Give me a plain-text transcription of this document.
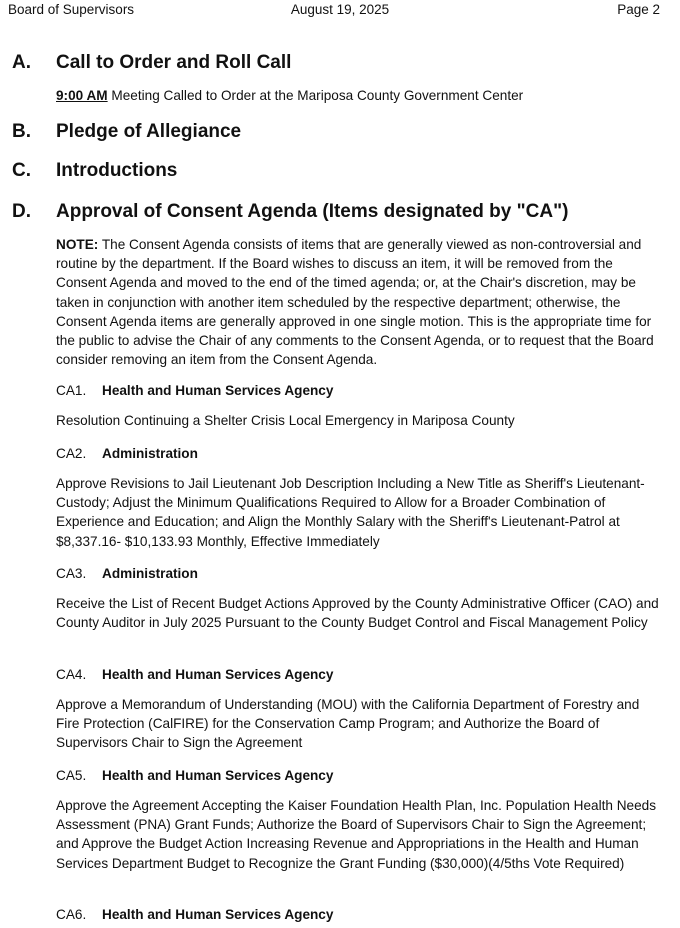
Board of Supervisors	August 19, 2025	Page 2
A. Call to Order and Roll Call
9:00 AM Meeting Called to Order at the Mariposa County Government Center
B. Pledge of Allegiance
C. Introductions
D. Approval of Consent Agenda (Items designated by "CA")
NOTE: The Consent Agenda consists of items that are generally viewed as non-controversial and routine by the department. If the Board wishes to discuss an item, it will be removed from the Consent Agenda and moved to the end of the timed agenda; or, at the Chair's discretion, may be taken in conjunction with another item scheduled by the respective department; otherwise, the Consent Agenda items are generally approved in one single motion. This is the appropriate time for the public to advise the Chair of any comments to the Consent Agenda, or to request that the Board consider removing an item from the Consent Agenda.
CA1. Health and Human Services Agency
Resolution Continuing a Shelter Crisis Local Emergency in Mariposa County
CA2. Administration
Approve Revisions to Jail Lieutenant Job Description Including a New Title as Sheriff's Lieutenant-Custody; Adjust the Minimum Qualifications Required to Allow for a Broader Combination of Experience and Education; and Align the Monthly Salary with the Sheriff's Lieutenant-Patrol at $8,337.16- $10,133.93 Monthly, Effective Immediately
CA3. Administration
Receive the List of Recent Budget Actions Approved by the County Administrative Officer (CAO) and County Auditor in July 2025 Pursuant to the County Budget Control and Fiscal Management Policy
CA4. Health and Human Services Agency
Approve a Memorandum of Understanding (MOU) with the California Department of Forestry and Fire Protection (CalFIRE) for the Conservation Camp Program; and Authorize the Board of Supervisors Chair to Sign the Agreement
CA5. Health and Human Services Agency
Approve the Agreement Accepting the Kaiser Foundation Health Plan, Inc. Population Health Needs Assessment (PNA) Grant Funds; Authorize the Board of Supervisors Chair to Sign the Agreement; and Approve the Budget Action Increasing Revenue and Appropriations in the Health and Human Services Department Budget to Recognize the Grant Funding ($30,000)(4/5ths Vote Required)
CA6. Health and Human Services Agency
